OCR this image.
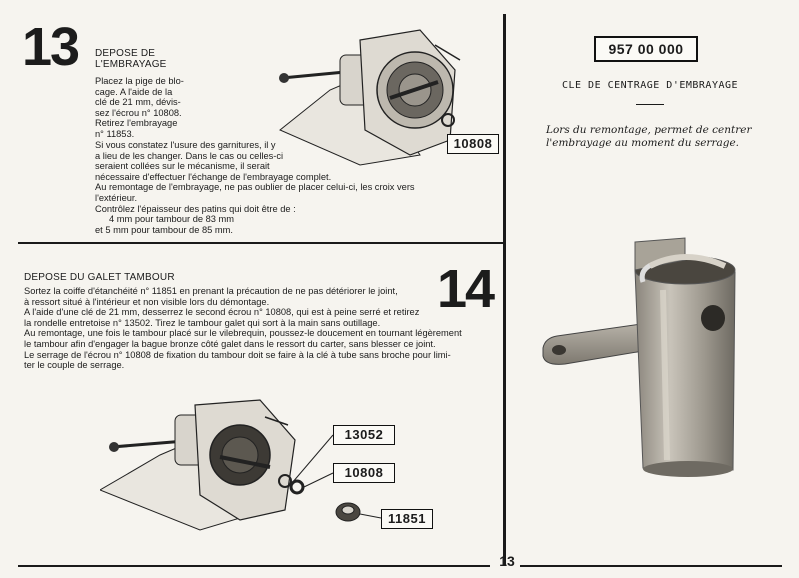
13
13 DEPOSE DE
L'EMBRAYAGE

Placez la pige de blo-

cage. A l'aide de la

clé de 21 mm, dévis-

sez l'écrou n° 10808.

Retirez l'embrayage

n° 11853.

Si vous constatez l'usure des garnitures, il y

a lieu de les changer. Dans le cas ou celles-ci

seraient collées sur le mécanisme, il serait

nécessaire d'effectuer l'échange de l'embrayage complet.

Au remontage de l'embrayage, ne pas oublier de placer celui-ci, les croix vers

l'extérieur.

Contrôlez l'épaisseur des patins qui doit être de :

4 mm pour tambour de 83 mm

et 5 mm pour tambour de 85 mm.

10808
14
DEPOSE DU GALET TAMBOUR

Sortez la coiffe d'étanchéité n° 11851 en prenant la précaution de ne pas détériorer le joint,

à ressort situé à l'intérieur et non visible lors du démontage.

A l'aide d'une clé de 21 mm, desserrez le second écrou n° 10808, qui est à peine serré et retirez

la rondelle entretoise n° 13502. Tirez le tambour galet qui sort à la main sans outillage.

Au remontage, une fois le tambour placé sur le vilebrequin, poussez-le doucement en tournant légèrement

le tambour afin d'engager la bague bronze côté galet dans le ressort du carter, sans blesser ce joint.

Le serrage de l'écrou n° 10808 de fixation du tambour doit se faire à la clé à tube sans broche pour limi-

ter le couple de serrage.

13052
10808
11851
957 00 000
CLE DE CENTRAGE D'EMBRAYAGE
Lors du remontage, permet de centrer
l'embrayage au moment du serrage.
